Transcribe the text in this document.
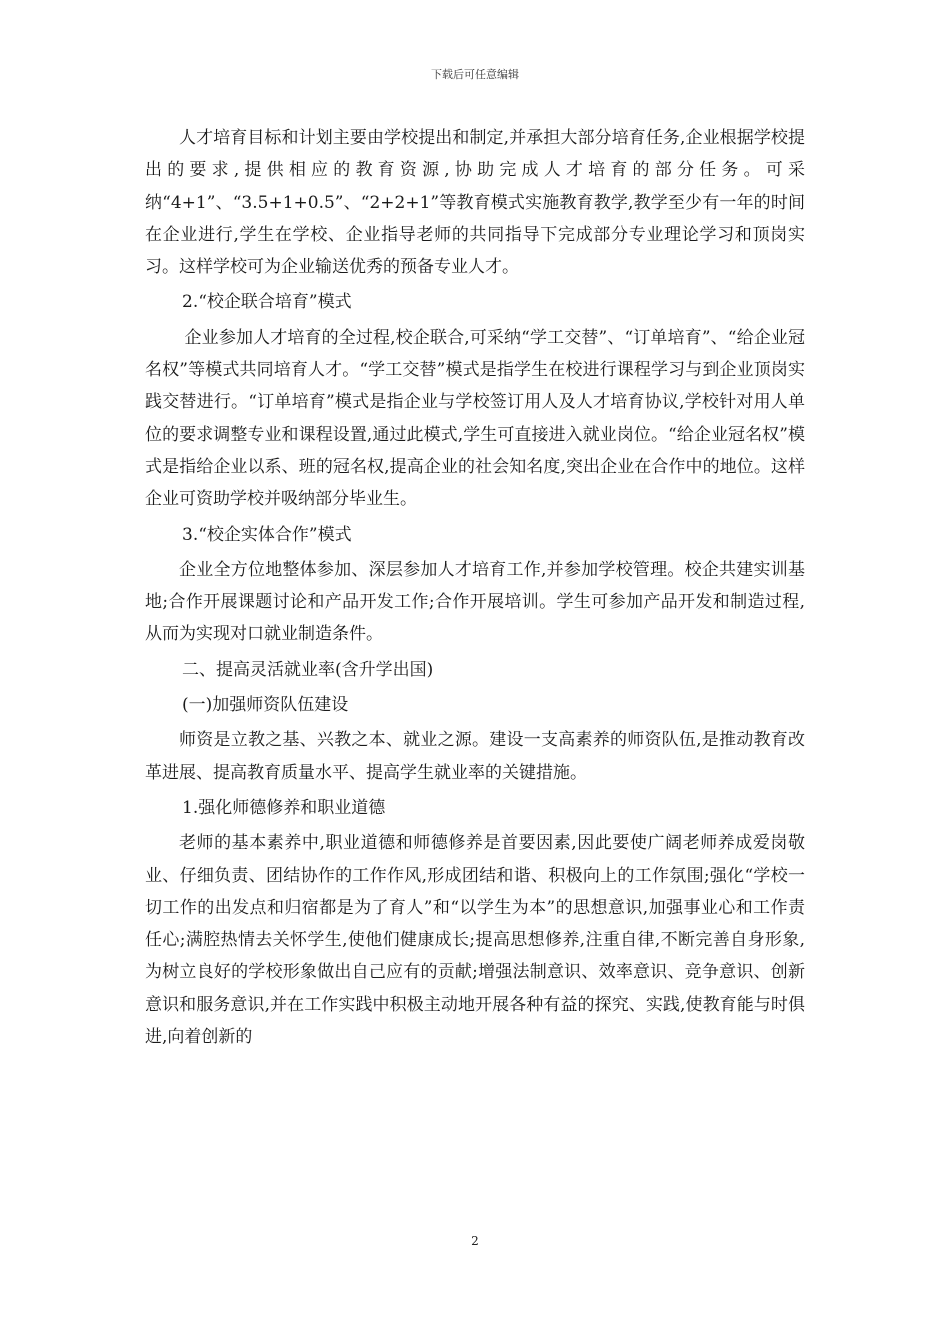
下载后可任意编辑

人才培育目标和计划主要由学校提出和制定,并承担大部分培育任务,企业根据学校提出的要求,提供相应的教育资源,协助完成人才培育的部分任务。可采纳“4+1”、“3.5+1+0.5”、“2+2+1”等教育模式实施教育教学,教学至少有一年的时间在企业进行,学生在学校、企业指导老师的共同指导下完成部分专业理论学习和顶岗实习。这样学校可为企业输送优秀的预备专业人才。

2.“校企联合培育”模式

企业参加人才培育的全过程,校企联合,可采纳“学工交替”、“订单培育”、“给企业冠名权”等模式共同培育人才。“学工交替”模式是指学生在校进行课程学习与到企业顶岗实践交替进行。“订单培育”模式是指企业与学校签订用人及人才培育协议,学校针对用人单位的要求调整专业和课程设置,通过此模式,学生可直接进入就业岗位。“给企业冠名权”模式是指给企业以系、班的冠名权,提高企业的社会知名度,突出企业在合作中的地位。这样企业可资助学校并吸纳部分毕业生。

3.“校企实体合作”模式

企业全方位地整体参加、深层参加人才培育工作,并参加学校管理。校企共建实训基地;合作开展课题讨论和产品开发工作;合作开展培训。学生可参加产品开发和制造过程,从而为实现对口就业制造条件。

二、提高灵活就业率(含升学出国)

(一)加强师资队伍建设

师资是立教之基、兴教之本、就业之源。建设一支高素养的师资队伍,是推动教育改革进展、提高教育质量水平、提高学生就业率的关键措施。

1.强化师德修养和职业道德

老师的基本素养中,职业道德和师德修养是首要因素,因此要使广阔老师养成爱岗敬业、仔细负责、团结协作的工作作风,形成团结和谐、积极向上的工作氛围;强化“学校一切工作的出发点和归宿都是为了育人”和“以学生为本”的思想意识,加强事业心和工作责任心;满腔热情去关怀学生,使他们健康成长;提高思想修养,注重自律,不断完善自身形象,为树立良好的学校形象做出自己应有的贡献;增强法制意识、效率意识、竞争意识、创新意识和服务意识,并在工作实践中积极主动地开展各种有益的探究、实践,使教育能与时俱进,向着创新的

2
